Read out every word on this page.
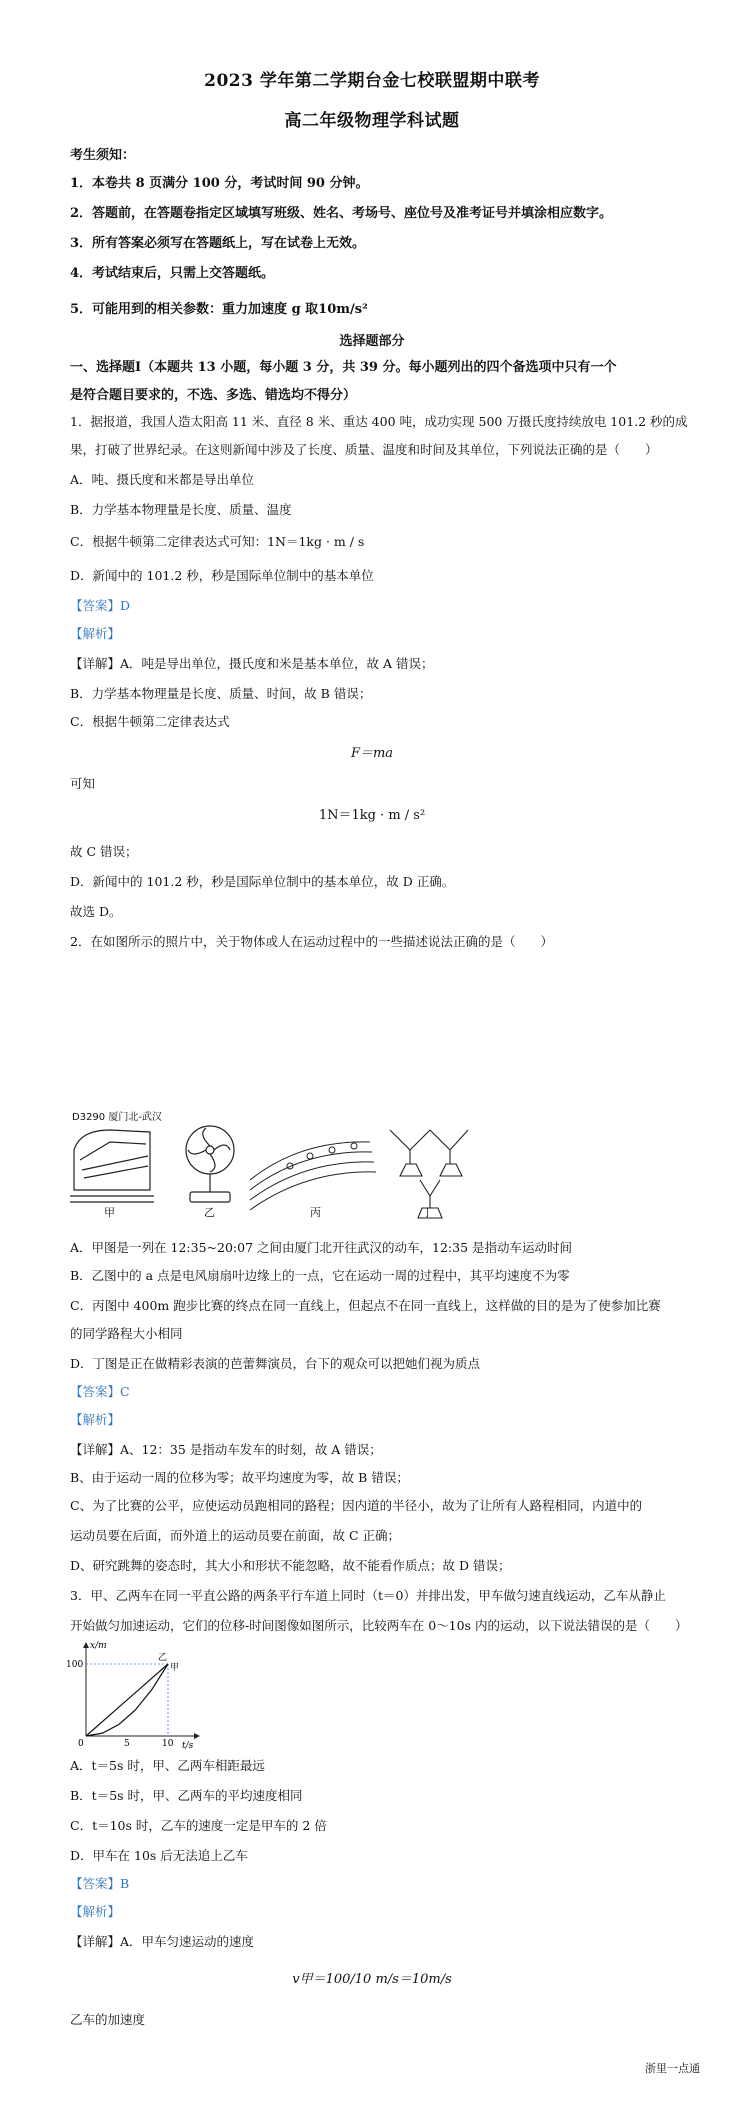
2023 学年第二学期台金七校联盟期中联考
高二年级物理学科试题
考生须知：
1．本卷共 8 页满分 100 分，考试时间 90 分钟。
2．答题前，在答题卷指定区域填写班级、姓名、考场号、座位号及准考证号并填涂相应数字。
3．所有答案必须写在答题纸上，写在试卷上无效。
4．考试结束后，只需上交答题纸。
5．可能用到的相关参数：重力加速度 g 取10m/s²
选择题部分
一、选择题Ⅰ（本题共 13 小题，每小题 3 分，共 39 分。每小题列出的四个备选项中只有一个
是符合题目要求的，不选、多选、错选均不得分）
1．据报道，我国人造太阳高 11 米、直径 8 米、重达 400 吨，成功实现 500 万摄氏度持续放电 101.2 秒的成
果，打破了世界纪录。在这则新闻中涉及了长度、质量、温度和时间及其单位，下列说法正确的是（　　）
A．吨、摄氏度和米都是导出单位
B．力学基本物理量是长度、质量、温度
C．根据牛顿第二定律表达式可知：1N＝1kg · m / s
D．新闻中的 101.2 秒，秒是国际单位制中的基本单位
【答案】D
【解析】
【详解】A．吨是导出单位，摄氏度和米是基本单位，故 A 错误；
B．力学基本物理量是长度、质量、时间，故 B 错误；
C．根据牛顿第二定律表达式
F＝ma
可知
1N＝1kg · m / s²
故 C 错误；
D．新闻中的 101.2 秒，秒是国际单位制中的基本单位，故 D 正确。
故选 D。
2．在如图所示的照片中，关于物体或人在运动过程中的一些描述说法正确的是（　　）
D3290 厦门北-武汉
甲	乙	丙	丁
A．甲图是一列在 12:35~20:07 之间由厦门北开往武汉的动车，12:35 是指动车运动时间
B．乙图中的 a 点是电风扇扇叶边缘上的一点，它在运动一周的过程中，其平均速度不为零
C．丙图中 400m 跑步比赛的终点在同一直线上，但起点不在同一直线上，这样做的目的是为了使参加比赛
的同学路程大小相同
D．丁图是正在做精彩表演的芭蕾舞演员，台下的观众可以把她们视为质点
【答案】C
【解析】
【详解】A、12：35 是指动车发车的时刻，故 A 错误；
B、由于运动一周的位移为零；故平均速度为零，故 B 错误；
C、为了比赛的公平，应使运动员跑相同的路程；因内道的半径小，故为了让所有人路程相同，内道中的
运动员要在后面，而外道上的运动员要在前面，故 C 正确；
D、研究跳舞的姿态时，其大小和形状不能忽略，故不能看作质点；故 D 错误；
3．甲、乙两车在同一平直公路的两条平行车道上同时（t＝0）并排出发，甲车做匀速直线运动，乙车从静止
开始做匀加速运动，它们的位移-时间图像如图所示，比较两车在 0～10s 内的运动，以下说法错误的是（　　）
x/m
t/s
0	5	10
100
乙
甲
A．t＝5s 时，甲、乙两车相距最远
B．t＝5s 时，甲、乙两车的平均速度相同
C．t＝10s 时，乙车的速度一定是甲车的 2 倍
D．甲车在 10s 后无法追上乙车
【答案】B
【解析】
【详解】A．甲车匀速运动的速度
v甲＝100/10 m/s＝10m/s
乙车的加速度
浙里一点通
